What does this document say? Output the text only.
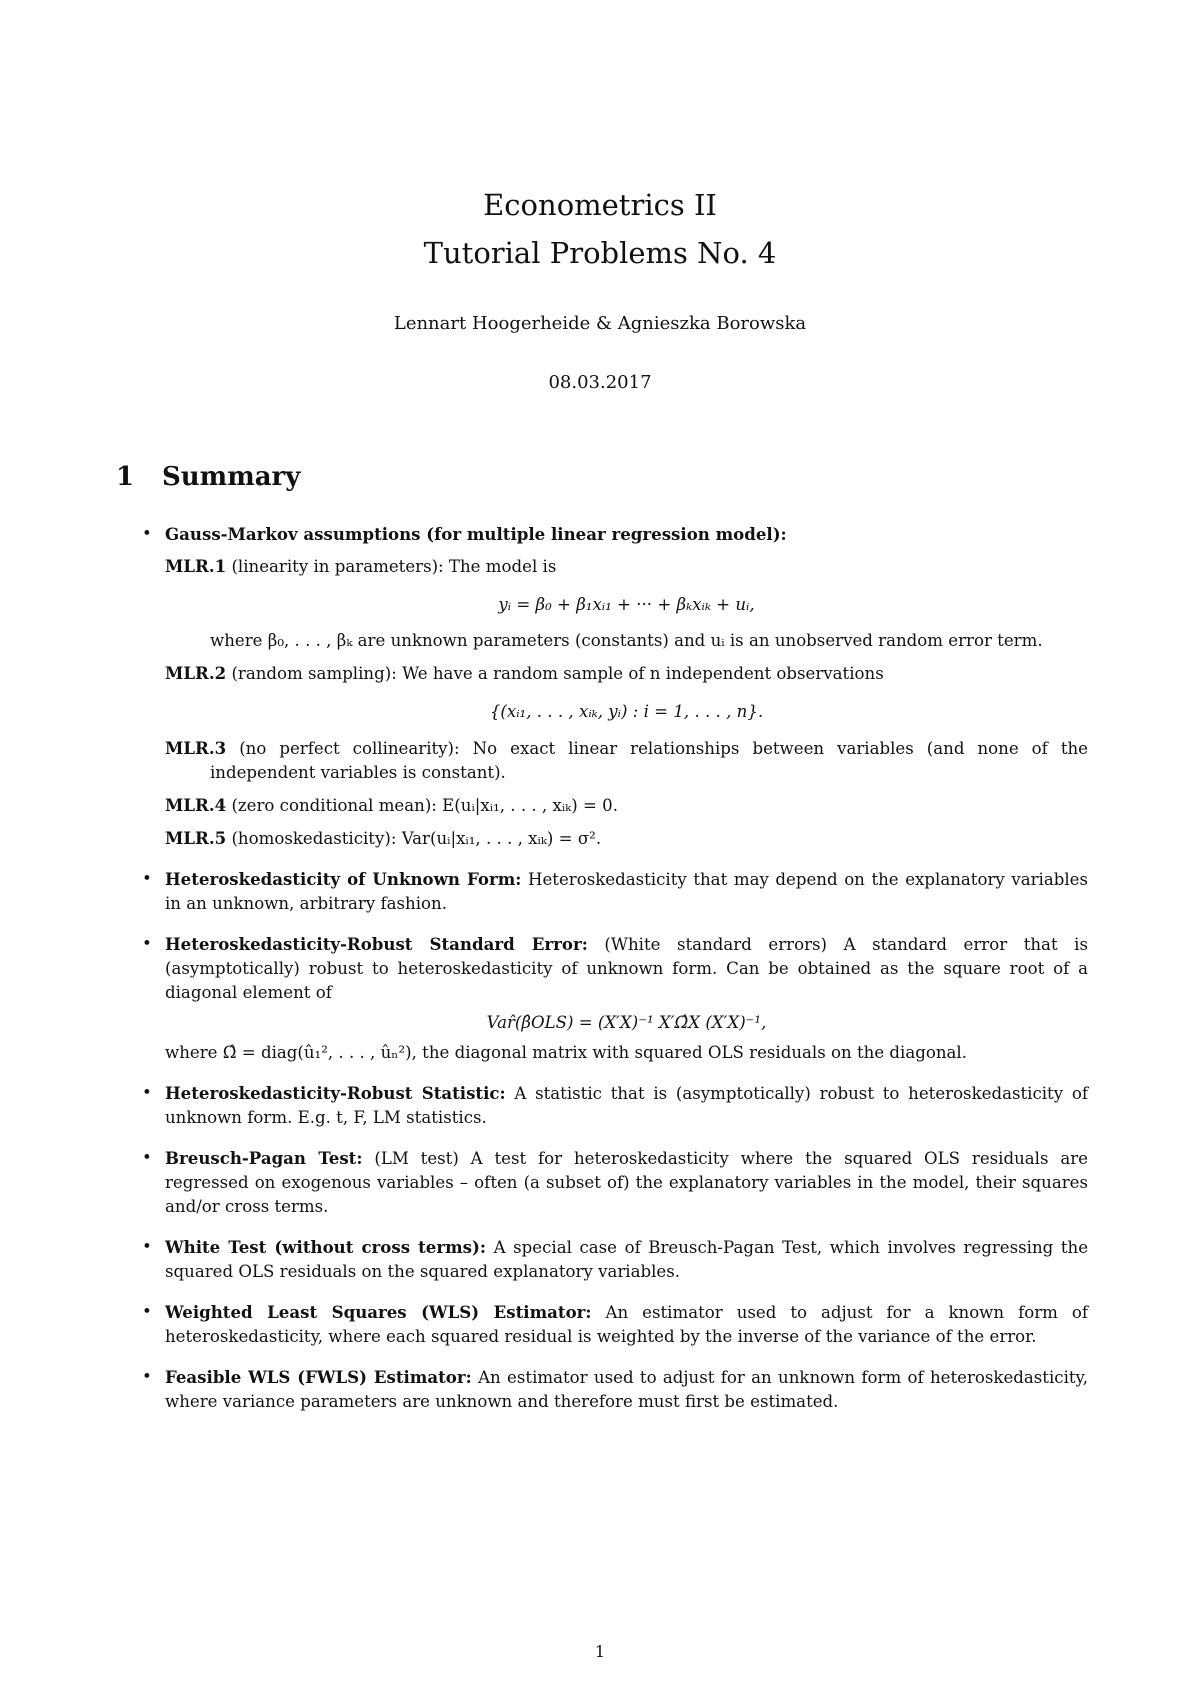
Econometrics II
Tutorial Problems No. 4
Lennart Hoogerheide & Agnieszka Borowska
08.03.2017
1 Summary
• Gauss-Markov assumptions (for multiple linear regression model):
MLR.1 (linearity in parameters): The model is
yᵢ = β₀ + β₁xᵢ₁ + ··· + βₖxᵢₖ + uᵢ,
where β₀, . . . , βₖ are unknown parameters (constants) and uᵢ is an unobserved random error term.
MLR.2 (random sampling): We have a random sample of n independent observations
{(xᵢ₁, . . . , xᵢₖ, yᵢ) : i = 1, . . . , n}.
MLR.3 (no perfect collinearity): No exact linear relationships between variables (and none of the independent variables is constant).
MLR.4 (zero conditional mean): E(uᵢ|xᵢ₁, . . . , xᵢₖ) = 0.
MLR.5 (homoskedasticity): Var(uᵢ|xᵢ₁, . . . , xᵢₖ) = σ².
• Heteroskedasticity of Unknown Form: Heteroskedasticity that may depend on the explanatory variables in an unknown, arbitrary fashion.
• Heteroskedasticity-Robust Standard Error: (White standard errors) A standard error that is (asymptotically) robust to heteroskedasticity of unknown form. Can be obtained as the square root of a diagonal element of
Var̂(β̂OLS) = (X′X)⁻¹ X′Ω̂X (X′X)⁻¹,
where Ω̂ = diag(û₁², . . . , ûₙ²), the diagonal matrix with squared OLS residuals on the diagonal.
• Heteroskedasticity-Robust Statistic: A statistic that is (asymptotically) robust to heteroskedasticity of unknown form. E.g. t, F, LM statistics.
• Breusch-Pagan Test: (LM test) A test for heteroskedasticity where the squared OLS residuals are regressed on exogenous variables – often (a subset of) the explanatory variables in the model, their squares and/or cross terms.
• White Test (without cross terms): A special case of Breusch-Pagan Test, which involves regressing the squared OLS residuals on the squared explanatory variables.
• Weighted Least Squares (WLS) Estimator: An estimator used to adjust for a known form of heteroskedasticity, where each squared residual is weighted by the inverse of the variance of the error.
• Feasible WLS (FWLS) Estimator: An estimator used to adjust for an unknown form of heteroskedasticity, where variance parameters are unknown and therefore must first be estimated.
1
